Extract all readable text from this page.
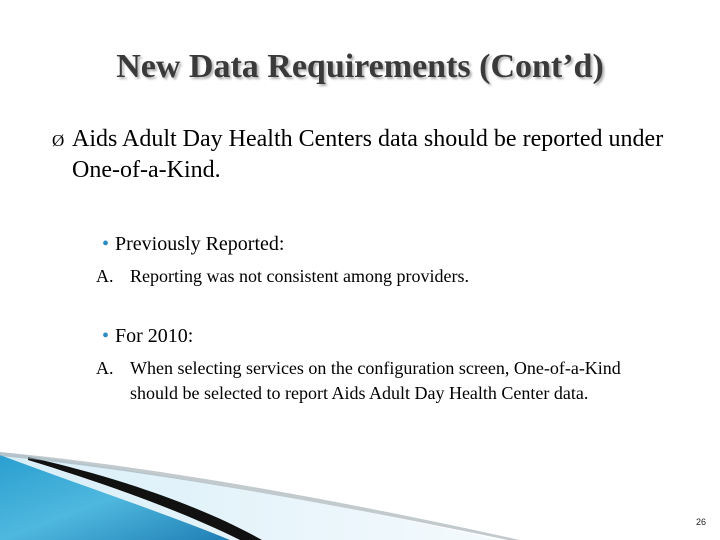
New Data Requirements (Cont’d)
Ø Aids Adult Day Health Centers data should be reported under One-of-a-Kind.
• Previously Reported:
A. Reporting was not consistent among providers.
• For 2010:
A. When selecting services on the configuration screen, One-of-a-Kind should be selected to report Aids Adult Day Health Center data.
26
